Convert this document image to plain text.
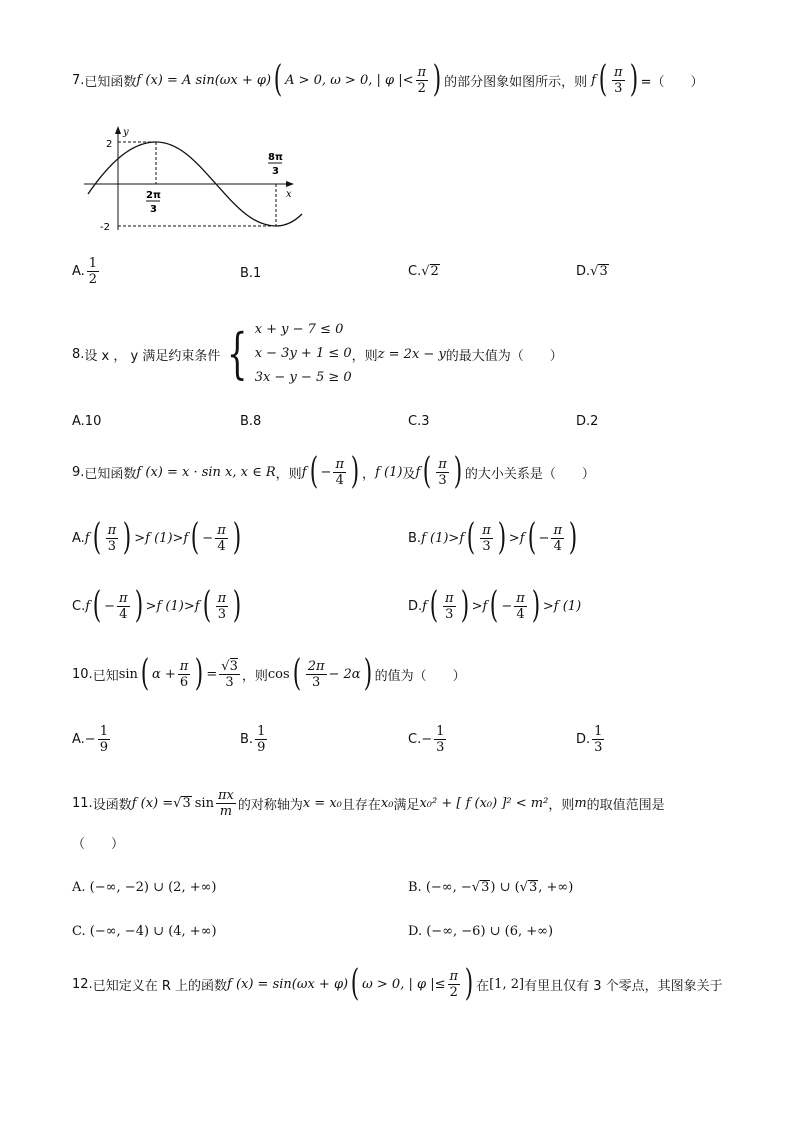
7. 已知函数 f (x) = A sin(ωx + φ) ( A > 0, ω > 0, | φ |< $\frac{\pi}{2}$ ) 的部分图象如图所示，则 f ( $\frac{\pi}{3}$ ) =（　　）
y
x
2
-2
2π
3
8π
3
A. $\frac{1}{2}$	B.1	C. √ 2	D. √ 3
8. 设 x ， y 满足约束条件 { x + y − 7 ≤ 0
x − 3y + 1 ≤ 0
3x − y − 5 ≥ 0
，则 z = 2x − y 的最大值为（　　）
A.10	B.8	C.3	D.2
9. 已知函数 f (x) = x · sin x, x ∈ R ，则 f ( − $\frac{\pi}{4}$ ) ， f (1) 及 f ( $\frac{\pi}{3}$ ) 的大小关系是（　　）
A. f ( $\frac{\pi}{3}$ ) > f (1) > f ( − $\frac{\pi}{4}$ )	B. f (1) > f ( $\frac{\pi}{3}$ ) > f ( − $\frac{\pi}{4}$ )
C. f ( − $\frac{\pi}{4}$ ) > f (1) > f ( $\frac{\pi}{3}$ )	D. f ( $\frac{\pi}{3}$ ) > f ( − $\frac{\pi}{4}$ ) > f (1)
10. 已知 sin ( $\alpha + \frac{\pi}{6}$ ) = $\frac{√3}{3}$ ，则 cos ( $\frac{2\pi}{3} - 2\alpha$ ) 的值为（　　）
A. − $\frac{1}{9}$	B. $\frac{1}{9}$	C. − $\frac{1}{3}$	D. $\frac{1}{3}$
11. 设函数 f (x) = √ 3 $\sin \frac{\pi x}{m}$ 的对称轴为 x = x₀ 且存在 x₀ 满足 x₀² + [ f (x₀) ]² < m² ，则 m 的取值范围是
（　　）
A. (−∞, −2) ∪ (2, +∞)	B. (−∞, − √ 3 ) ∪ ( √ 3 , +∞)
C. (−∞, −4) ∪ (4, +∞)	D. (−∞, −6) ∪ (6, +∞)
12. 已知定义在 R 上的函数 f (x) = sin(ωx + φ) ( ω > 0, | φ |≤ $\frac{\pi}{2}$ ) 在 [1, 2] 有里且仅有 3 个零点，其图象关于
